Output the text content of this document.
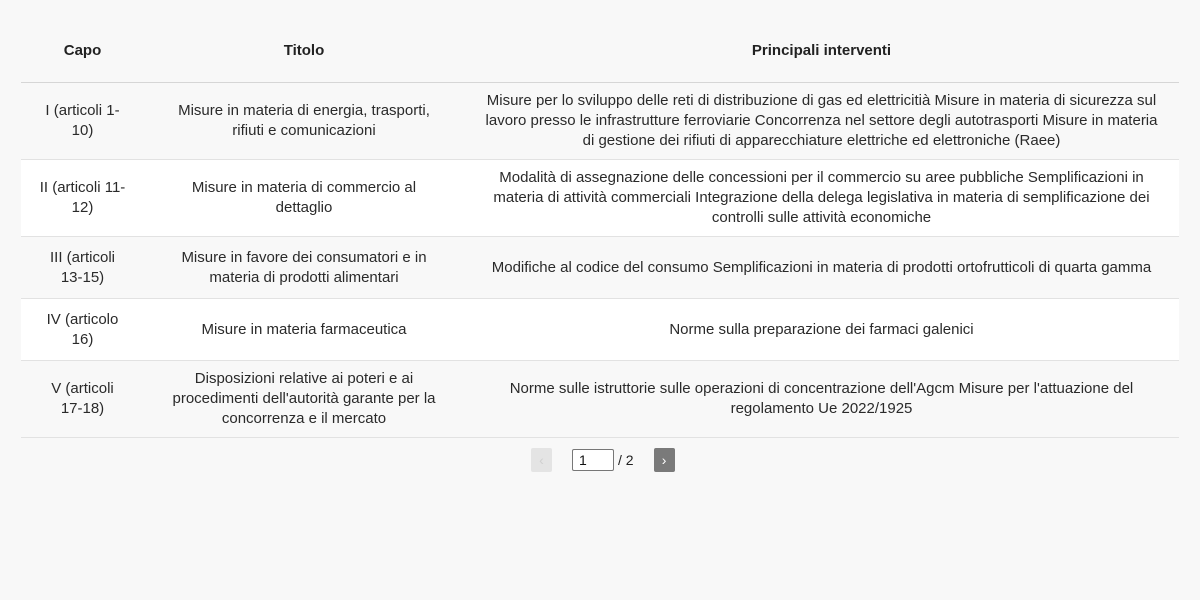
Capo	Titolo	Principali interventi
I (articoli 1-10)	Misure in materia di energia, trasporti, rifiuti e comunicazioni	Misure per lo sviluppo delle reti di distribuzione di gas ed elettricitià Misure in materia di sicurezza sul lavoro presso le infrastrutture ferroviarie Concorrenza nel settore degli autotrasporti Misure in materia di gestione dei rifiuti di apparecchiature elettriche ed elettroniche (Raee)
II (articoli 11-12)	Misure in materia di commercio al dettaglio	Modalità di assegnazione delle concessioni per il commercio su aree pubbliche Semplificazioni in materia di attività commerciali Integrazione della delega legislativa in materia di semplificazione dei controlli sulle attività economiche
III (articoli 13-15)	Misure in favore dei consumatori e in materia di prodotti alimentari	Modifiche al codice del consumo Semplificazioni in materia di prodotti ortofrutticoli di quarta gamma
IV (articolo 16)	Misure in materia farmaceutica	Norme sulla preparazione dei farmaci galenici
V (articoli 17-18)	Disposizioni relative ai poteri e ai procedimenti dell'autorità garante per la concorrenza e il mercato	Norme sulle istruttorie sulle operazioni di concentrazione dell'Agcm Misure per l'attuazione del regolamento Ue 2022/1925
‹
1	/ 2	›
